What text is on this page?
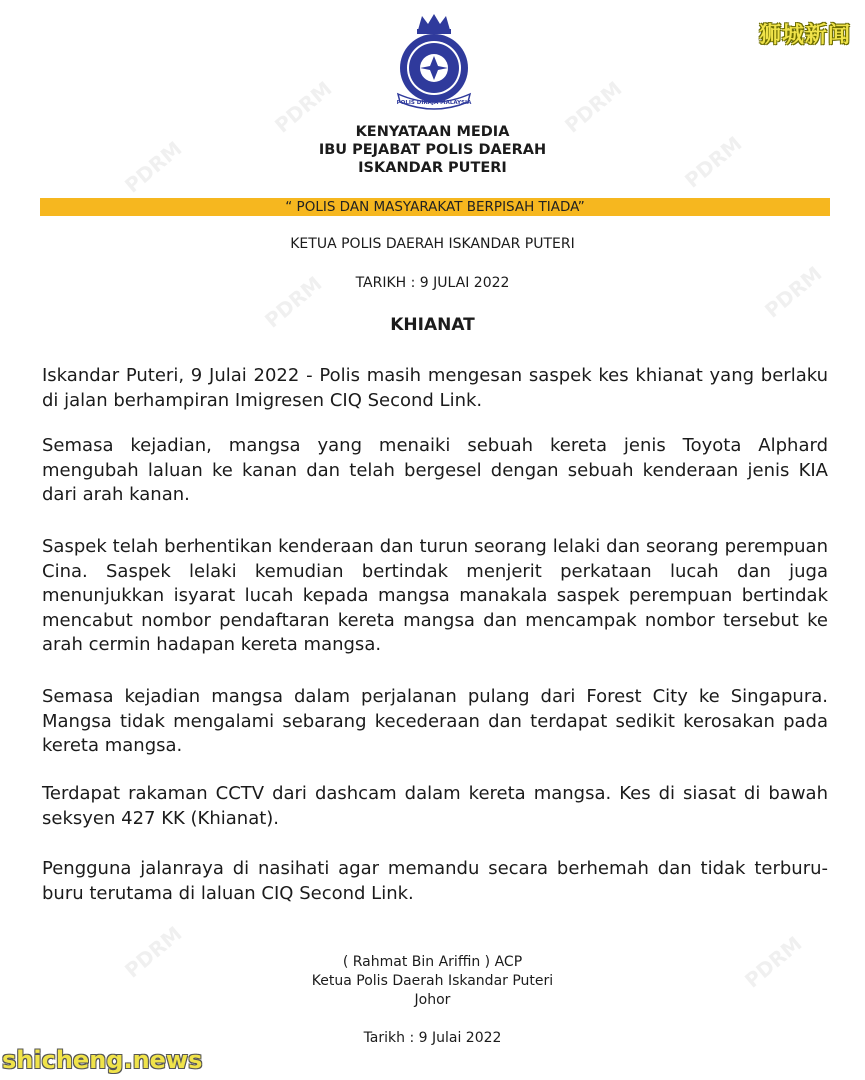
PDRM	PDRM
PDRM
PDRM
PDRM	PDRM
PDRM	PDRM
狮城新闻
POLIS DIRAJA MALAYSIA
KENYATAAN MEDIA
IBU PEJABAT POLIS DAERAH
ISKANDAR PUTERI
“ POLIS DAN MASYARAKAT BERPISAH TIADA”
KETUA POLIS DAERAH ISKANDAR PUTERI
TARIKH : 9 JULAI 2022
KHIANAT

Iskandar Puteri, 9 Julai 2022 - Polis masih mengesan saspek kes khianat yang berlaku di jalan berhampiran Imigresen CIQ Second Link.

Semasa kejadian, mangsa yang menaiki sebuah kereta jenis Toyota Alphard mengubah laluan ke kanan dan telah bergesel dengan sebuah kenderaan jenis KIA dari arah kanan.

Saspek telah berhentikan kenderaan dan turun seorang lelaki dan seorang perempuan Cina. Saspek lelaki kemudian bertindak menjerit perkataan lucah dan juga menunjukkan isyarat lucah kepada mangsa manakala saspek perempuan bertindak mencabut nombor pendaftaran kereta mangsa dan mencampak nombor tersebut ke arah cermin hadapan kereta mangsa.

Semasa kejadian mangsa dalam perjalanan pulang dari Forest City ke Singapura. Mangsa tidak mengalami sebarang kecederaan dan terdapat sedikit kerosakan pada kereta mangsa.

Terdapat rakaman CCTV dari dashcam dalam kereta mangsa. Kes di siasat di bawah seksyen 427 KK (Khianat).

Pengguna jalanraya di nasihati agar memandu secara berhemah dan tidak terburu-buru terutama di laluan CIQ Second Link.

( Rahmat Bin Ariffin ) ACP
Ketua Polis Daerah Iskandar Puteri
Johor
Tarikh : 9 Julai 2022
shicheng.news
